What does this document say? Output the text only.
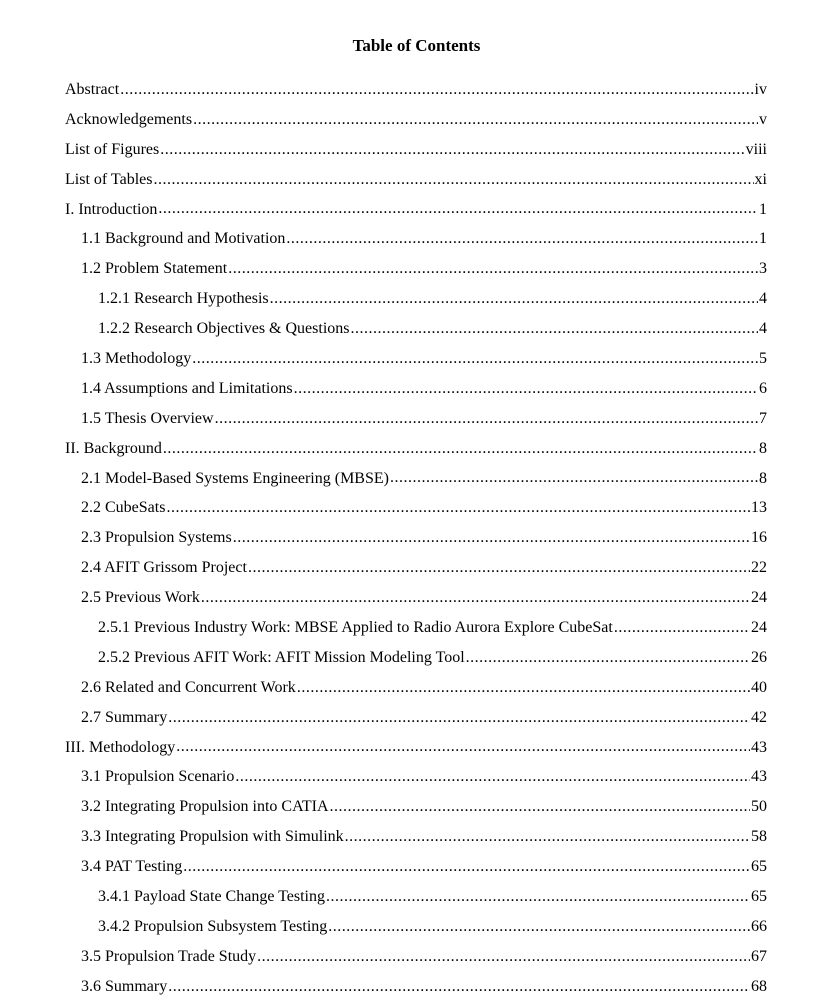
Table of Contents
Abstract .....	iv
Acknowledgements .....	v
List of Figures .....	viii
List of Tables .....	xi
I. Introduction .....	1
1.1 Background and Motivation .....	1
1.2 Problem Statement .....	3
1.2.1 Research Hypothesis .....	4
1.2.2 Research Objectives & Questions .....	4
1.3 Methodology .....	5
1.4 Assumptions and Limitations .....	6
1.5 Thesis Overview .....	7
II. Background .....	8
2.1 Model-Based Systems Engineering (MBSE) .....	8
2.2 CubeSats .....	13
2.3 Propulsion Systems .....	16
2.4 AFIT Grissom Project .....	22
2.5 Previous Work .....	24
2.5.1 Previous Industry Work: MBSE Applied to Radio Aurora Explore CubeSat .....	24
2.5.2 Previous AFIT Work: AFIT Mission Modeling Tool .....	26
2.6 Related and Concurrent Work .....	40
2.7 Summary .....	42
III. Methodology .....	43
3.1 Propulsion Scenario .....	43
3.2 Integrating Propulsion into CATIA .....	50
3.3 Integrating Propulsion with Simulink .....	58
3.4 PAT Testing .....	65
3.4.1 Payload State Change Testing .....	65
3.4.2 Propulsion Subsystem Testing .....	66
3.5 Propulsion Trade Study .....	67
3.6 Summary .....	68
